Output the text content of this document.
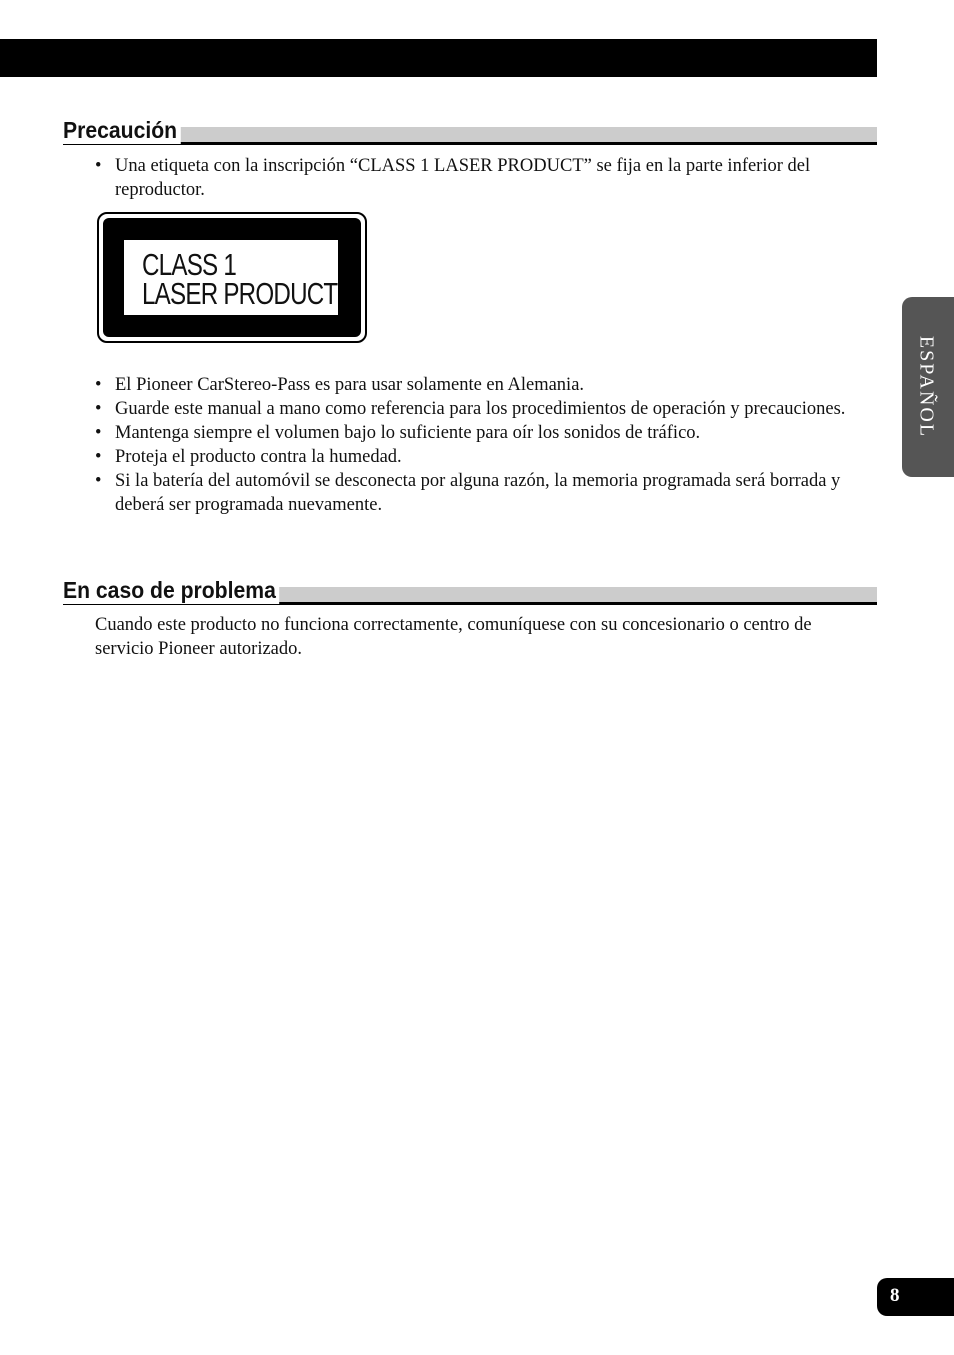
Precaución
• Una etiqueta con la inscripción “CLASS 1 LASER PRODUCT” se fija en la parte inferior del reproductor.
CLASS 1
LASER PRODUCT
• El Pioneer CarStereo-Pass es para usar solamente en Alemania.
• Guarde este manual a mano como referencia para los procedimientos de operación y precauciones.
• Mantenga siempre el volumen bajo lo suficiente para oír los sonidos de tráfico.
• Proteja el producto contra la humedad.
• Si la batería del automóvil se desconecta por alguna razón, la memoria programada será borrada y deberá ser programada nuevamente.
En caso de problema

Cuando este producto no funciona correctamente, comuníquese con su concesionario o centro de servicio Pioneer autorizado.

ESPAÑOL
8
